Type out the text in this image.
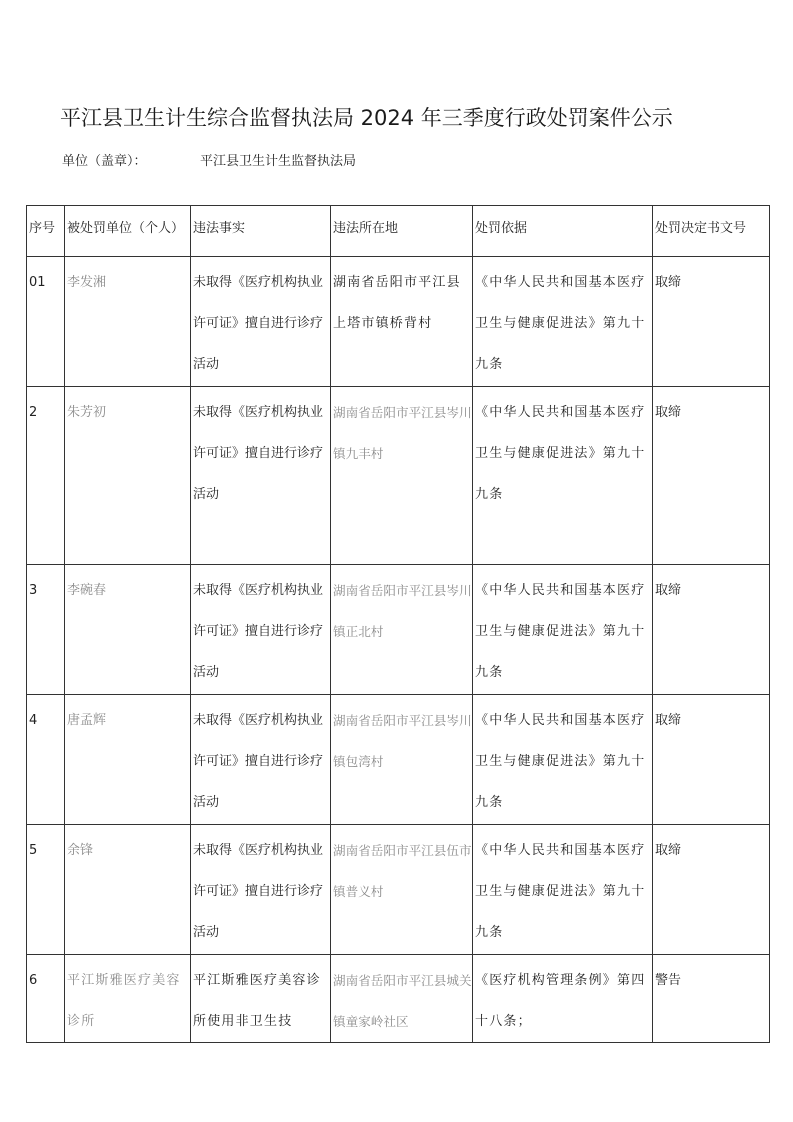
平江县卫生计生综合监督执法局 2024 年三季度行政处罚案件公示
单位（盖章）：	平江县卫生计生监督执法局
序号	被处罚单位（个人）	违法事实	违法所在地	处罚依据	处罚决定书文号

01	李发湘	未取得《医疗机构执业许可证》擅自进行诊疗活动	湖南省岳阳市平江县上塔市镇桥背村	《中华人民共和国基本医疗卫生与健康促进法》第九十九条	取缔

2	朱芳初	未取得《医疗机构执业许可证》擅自进行诊疗活动	湖南省岳阳市平江县岑川镇九丰村	《中华人民共和国基本医疗卫生与健康促进法》第九十九条	取缔

3	李碗春	未取得《医疗机构执业许可证》擅自进行诊疗活动	湖南省岳阳市平江县岑川镇正北村	《中华人民共和国基本医疗卫生与健康促进法》第九十九条	取缔

4	唐孟辉	未取得《医疗机构执业许可证》擅自进行诊疗活动	湖南省岳阳市平江县岑川镇包湾村	《中华人民共和国基本医疗卫生与健康促进法》第九十九条	取缔

5	余锋	未取得《医疗机构执业许可证》擅自进行诊疗活动	湖南省岳阳市平江县伍市镇普义村	《中华人民共和国基本医疗卫生与健康促进法》第九十九条	取缔

6	平江斯雅医疗美容诊所	平江斯雅医疗美容诊所使用非卫生技	湖南省岳阳市平江县城关镇童家岭社区	《医疗机构管理条例》第四十八条；	警告
